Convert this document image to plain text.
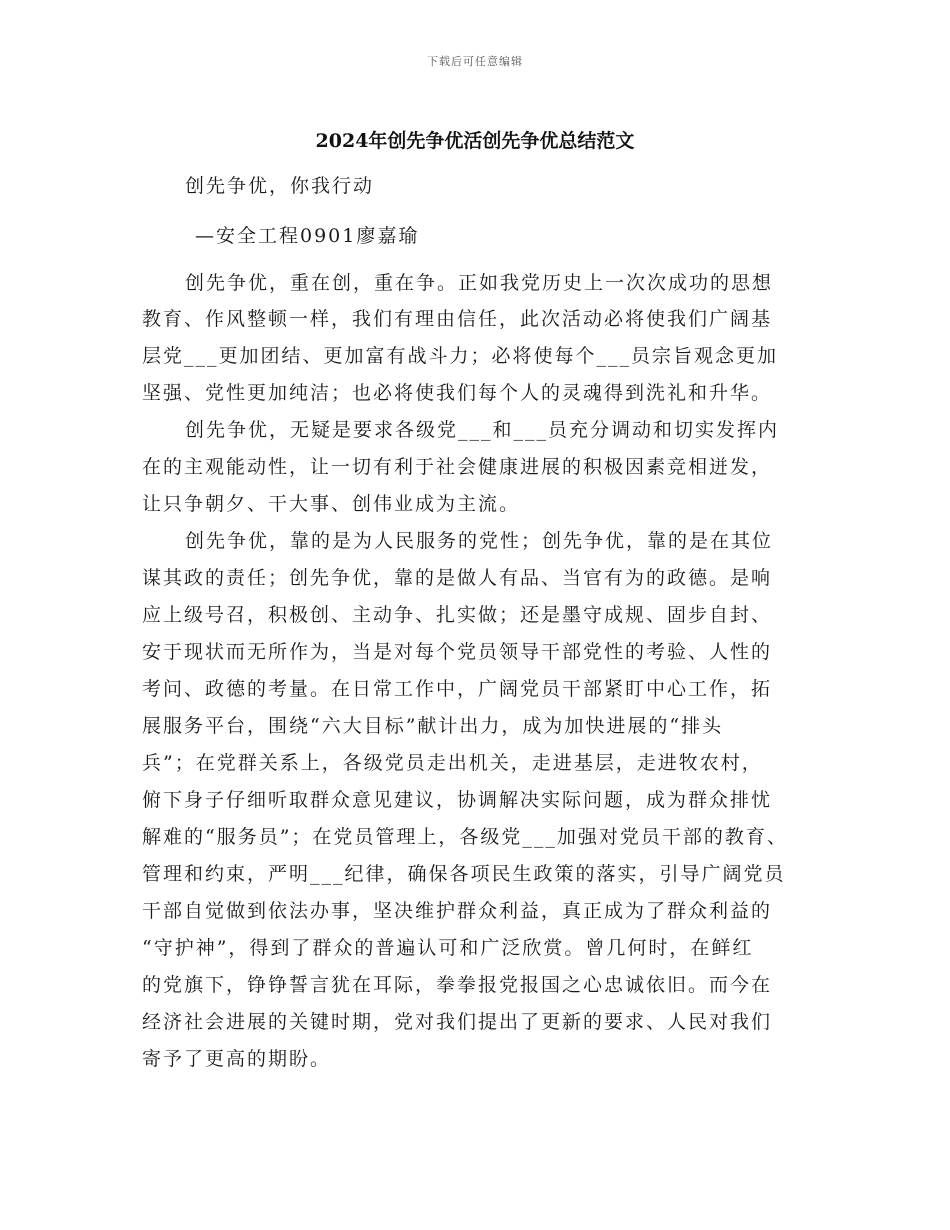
下载后可任意编辑
2024年创先争优活创先争优总结范文
创先争优，你我行动
—安全工程0901廖嘉瑜
创先争优，重在创，重在争。正如我党历史上一次次成功的思想
教育、作风整顿一样，我们有理由信任，此次活动必将使我们广阔基
层党___更加团结、更加富有战斗力；必将使每个___员宗旨观念更加
坚强、党性更加纯洁；也必将使我们每个人的灵魂得到洗礼和升华。
创先争优，无疑是要求各级党___和___员充分调动和切实发挥内
在的主观能动性，让一切有利于社会健康进展的积极因素竞相迸发，
让只争朝夕、干大事、创伟业成为主流。
创先争优，靠的是为人民服务的党性；创先争优，靠的是在其位
谋其政的责任；创先争优，靠的是做人有品、当官有为的政德。是响
应上级号召，积极创、主动争、扎实做；还是墨守成规、固步自封、
安于现状而无所作为，当是对每个党员领导干部党性的考验、人性的
考问、政德的考量。在日常工作中，广阔党员干部紧盯中心工作，拓
展服务平台，围绕“六大目标”献计出力，成为加快进展的“排头
兵”；在党群关系上，各级党员走出机关，走进基层，走进牧农村，
俯下身子仔细听取群众意见建议，协调解决实际问题，成为群众排忧
解难的“服务员”；在党员管理上，各级党___加强对党员干部的教育、
管理和约束，严明___纪律，确保各项民生政策的落实，引导广阔党员
干部自觉做到依法办事，坚决维护群众利益，真正成为了群众利益的
“守护神”，得到了群众的普遍认可和广泛欣赏。曾几何时，在鲜红
的党旗下，铮铮誓言犹在耳际，拳拳报党报国之心忠诚依旧。而今在
经济社会进展的关键时期，党对我们提出了更新的要求、人民对我们
寄予了更高的期盼。
